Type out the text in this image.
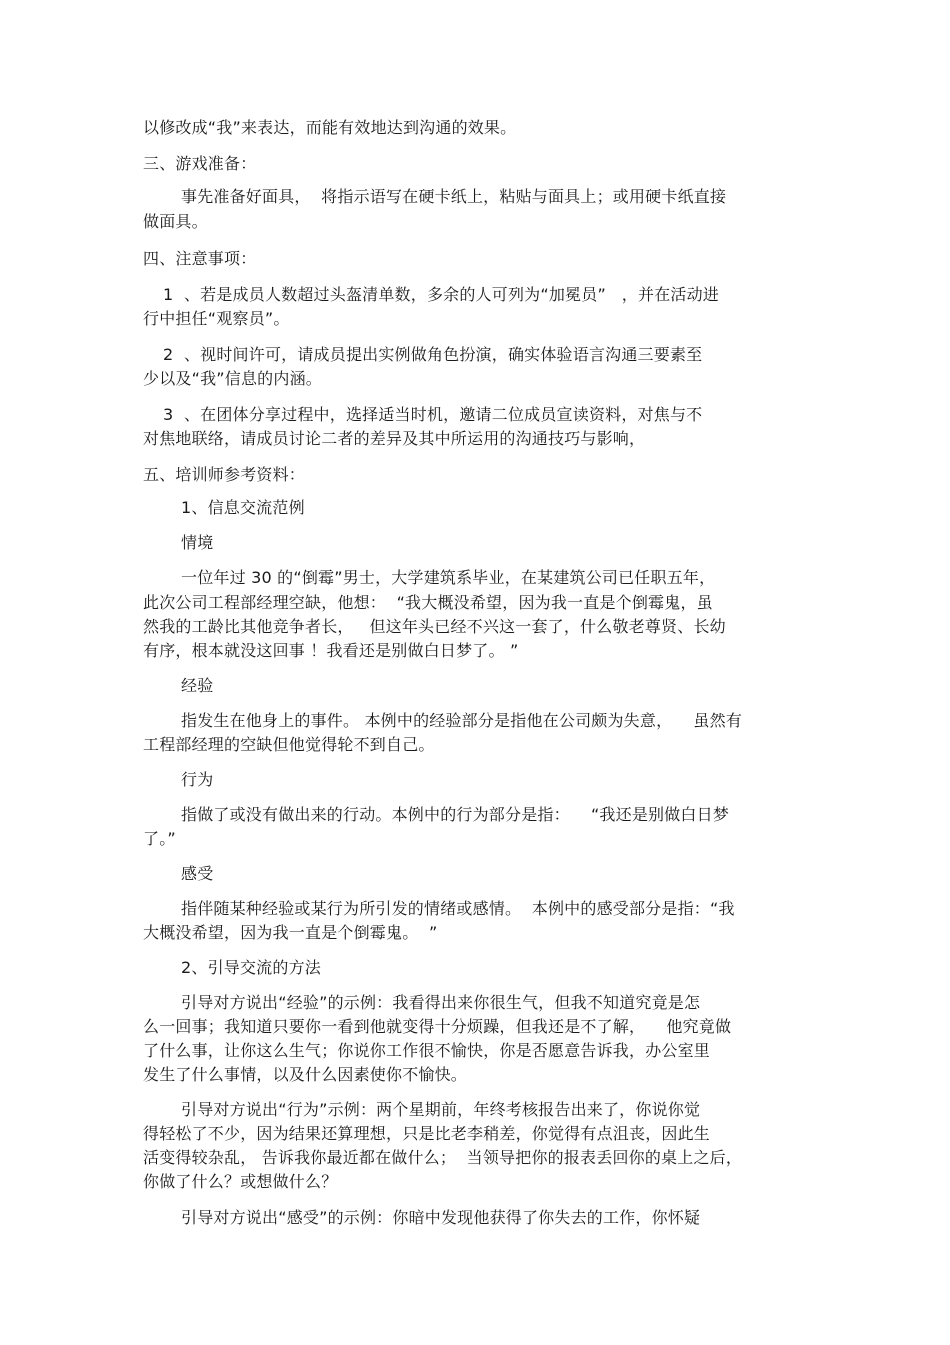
以修改成“我”来表达，而能有效地达到沟通的效果。
三、游戏准备：
事先准备好面具，  将指示语写在硬卡纸上，粘贴与面具上；或用硬卡纸直接
做面具。
四、注意事项：
1  、若是成员人数超过头盔清单数，多余的人可列为“加冕员”   ，并在活动进
行中担任“观察员”。
2  、视时间许可，请成员提出实例做角色扮演，确实体验语言沟通三要素至
少以及“我”信息的内涵。
3  、在团体分享过程中，选择适当时机，邀请二位成员宣读资料，对焦与不
对焦地联络，请成员讨论二者的差异及其中所运用的沟通技巧与影响，
五、培训师参考资料：
1、信息交流范例
情境
一位年过 30 的“倒霉”男士，大学建筑系毕业，在某建筑公司已任职五年，
此次公司工程部经理空缺，他想：  “我大概没希望，因为我一直是个倒霉鬼，虽
然我的工龄比其他竞争者长，   但这年头已经不兴这一套了，什么敬老尊贤、长幼
有序，根本就没这回事 ！我看还是别做白日梦了。 ”
经验
指发生在他身上的事件。 本例中的经验部分是指他在公司颇为失意，    虽然有
工程部经理的空缺但他觉得轮不到自己。
行为
指做了或没有做出来的行动。本例中的行为部分是指：    “我还是别做白日梦
了。”
感受
指伴随某种经验或某行为所引发的情绪或感情。  本例中的感受部分是指：“我
大概没希望，因为我一直是个倒霉鬼。  ”
2、引导交流的方法
引导对方说出“经验”的示例：我看得出来你很生气，但我不知道究竟是怎
么一回事；我知道只要你一看到他就变得十分烦躁，但我还是不了解，    他究竟做
了什么事，让你这么生气；你说你工作很不愉快，你是否愿意告诉我，办公室里
发生了什么事情，以及什么因素使你不愉快。
引导对方说出“行为”示例：两个星期前，年终考核报告出来了，你说你觉
得轻松了不少，因为结果还算理想，只是比老李稍差，你觉得有点沮丧，因此生
活变得较杂乱， 告诉我你最近都在做什么；  当领导把你的报表丢回你的桌上之后，
你做了什么？或想做什么？
引导对方说出“感受”的示例：你暗中发现他获得了你失去的工作，你怀疑
